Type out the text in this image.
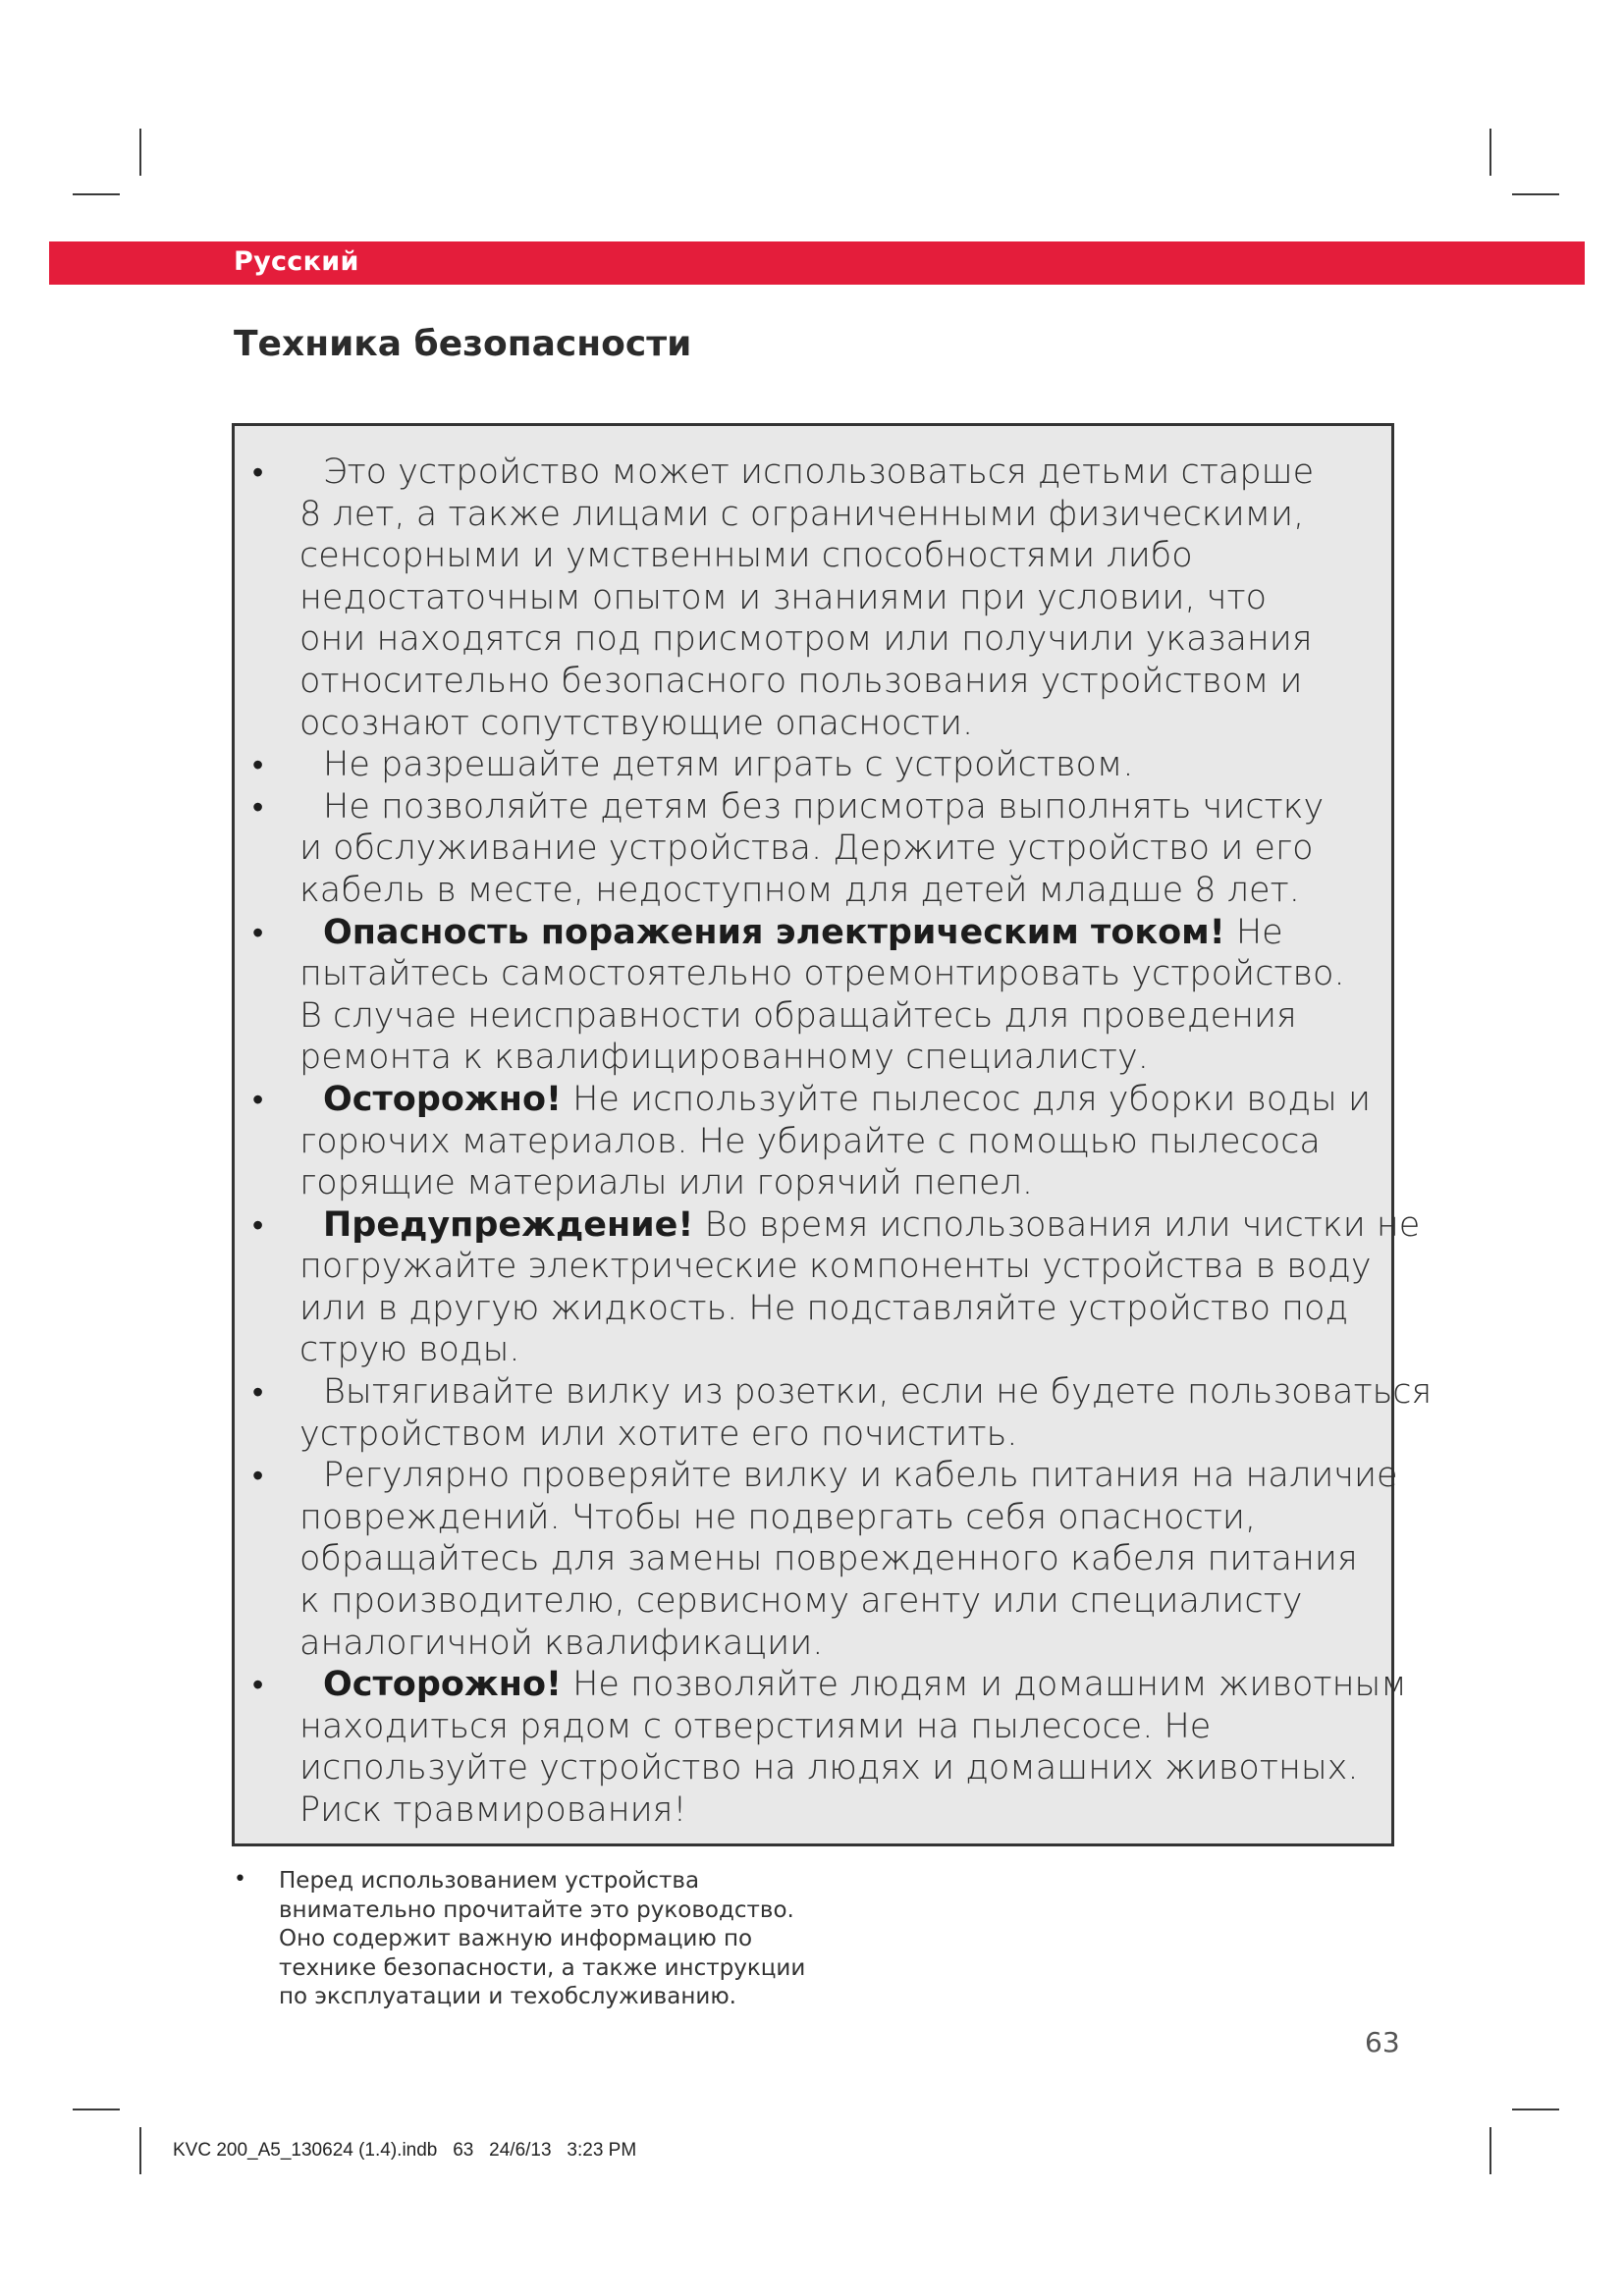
Русский
Техника безопасности
•	Это устройство может использоваться детьми старше
8 лет, а также лицами с ограниченными физическими,
сенсорными и умственными способностями либо
недостаточным опытом и знаниями при условии, что
они находятся под присмотром или получили указания
относительно безопасного пользования устройством и
осознают сопутствующие опасности.
•	Не разрешайте детям играть с устройством.
•	Не позволяйте детям без присмотра выполнять чистку
и обслуживание устройства. Держите устройство и его
кабель в месте, недоступном для детей младше 8 лет.
•	Опасность поражения электрическим током! Не
пытайтесь самостоятельно отремонтировать устройство.
В случае неисправности обращайтесь для проведения
ремонта к квалифицированному специалисту.
•	Осторожно! Не используйте пылесос для уборки воды и
горючих материалов. Не убирайте с помощью пылесоса
горящие материалы или горячий пепел.
•	Предупреждение! Во время использования или чистки не
погружайте электрические компоненты устройства в воду
или в другую жидкость. Не подставляйте устройство под
струю воды.
•	Вытягивайте вилку из розетки, если не будете пользоваться
устройством или хотите его почистить.
•	Регулярно проверяйте вилку и кабель питания на наличие
повреждений. Чтобы не подвергать себя опасности,
обращайтесь для замены поврежденного кабеля питания
к производителю, сервисному агенту или специалисту
аналогичной квалификации.
•	Осторожно! Не позволяйте людям и домашним животным
находиться рядом с отверстиями на пылесосе. Не
используйте устройство на людях и домашних животных.
Риск травмирования!
•	Перед использованием устройства
внимательно прочитайте это руководство.
Оно содержит важную информацию по
технике безопасности, а также инструкции
по эксплуатации и техобслуживанию.
63
KVC 200_A5_130624 (1.4).indb   63   24/6/13   3:23 PM
